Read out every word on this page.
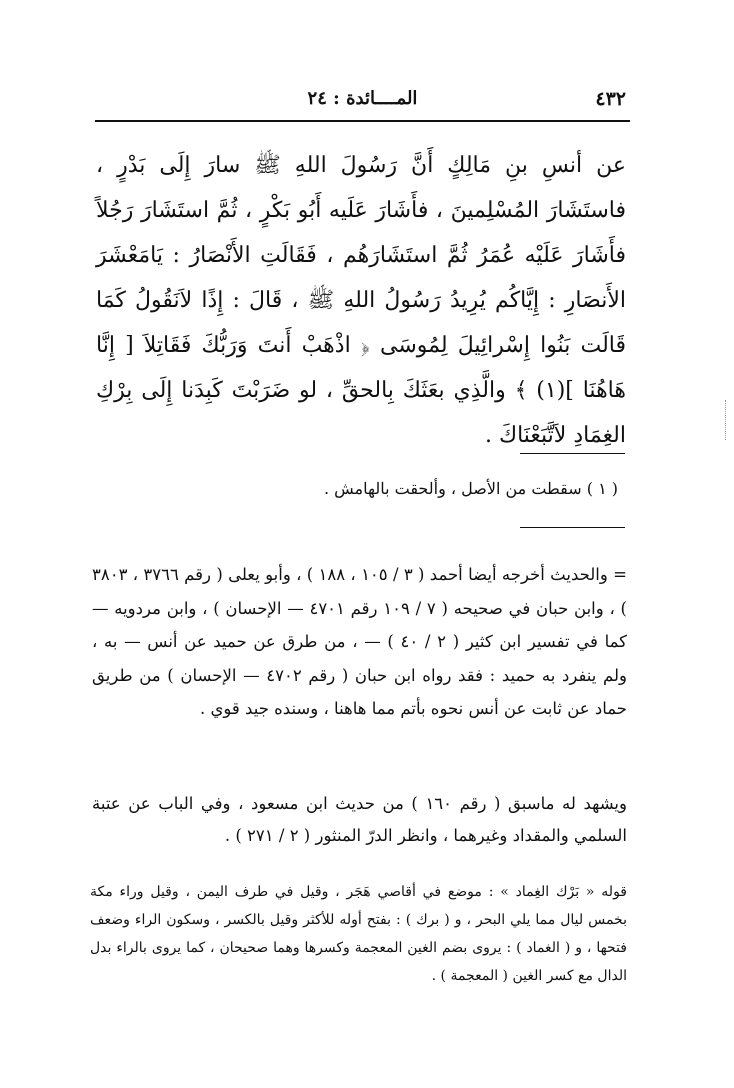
٤٣٢
المــــائدة : ٢٤

عن أنسِ بنِ مَالِكٍ أَنَّ رَسُولَ اللهِ ﷺ سارَ إِلَى بَدْرٍ ، فاستَشَارَ المُسْلِمينَ ، فأَشَارَ عَلَيه أَبُو بَكْرٍ ، ثُمَّ استَشَارَ رَجُلاً فأَشَارَ عَلَيْه عُمَرُ ثُمَّ استَشَارَهُم ، فَقَالَتِ الأَنْصَارُ : يَامَعْشَرَ الأَنصَارِ : إِيَّاكُم يُرِيدُ رَسُولُ اللهِ ﷺ ، قَالَ : إِذًا لاَنَقُولُ كَمَا قَالَت بَنُوا إِسْرائِيلَ لِمُوسَى ﴿ اذْهَبْ أَنتَ وَرَبُّكَ فَقَاتِلاَ [ إِنَّا هَاهُنَا ](١) ﴾ والَّذِي بعَثَكَ بِالحقِّ ، لو ضَرَبْتَ كَبِدَنا إِلَى بِرْكِ الغِمَادِ لاَتَّبَعْنَاكَ .

( ١ ) سقطت من الأصل ، وألحقت بالهامش .

= والحديث أخرجه أيضا أحمد ( ٣ / ١٠٥ ، ١٨٨ ) ، وأبو يعلى ( رقم ٣٧٦٦ ، ٣٨٠٣ ) ، وابن حبان في صحيحه ( ٧ / ١٠٩ رقم ٤٧٠١ — الإحسان ) ، وابن مردويه — كما في تفسير ابن كثير ( ٢ / ٤٠ ) — ، من طرق عن حميد عن أنس — به ، ولم ينفرد به حميد : فقد رواه ابن حبان ( رقم ٤٧٠٢ — الإحسان ) من طريق حماد عن ثابت عن أنس نحوه بأتم مما هاهنا ، وسنده جيد قوي .

ويشهد له ماسبق ( رقم ١٦٠ ) من حديث ابن مسعود ، وفي الباب عن عتبة السلمي والمقداد وغيرهما ، وانظر الدرّ المنثور ( ٢ / ٢٧١ ) .

قوله « بَرْك الغِماد » : موضع في أقاصي هَجَر ، وقيل في طرف اليمن ، وقيل وراء مكة بخمس ليال مما يلي البحر ، و ( برك ) : بفتح أوله للأكثر وقيل بالكسر ، وسكون الراء وضعف فتحها ، و ( الغماد ) : يروى بضم الغين المعجمة وكسرها وهما صحيحان ، كما يروى بالراء بدل الدال مع كسر الغين ( المعجمة ) .
